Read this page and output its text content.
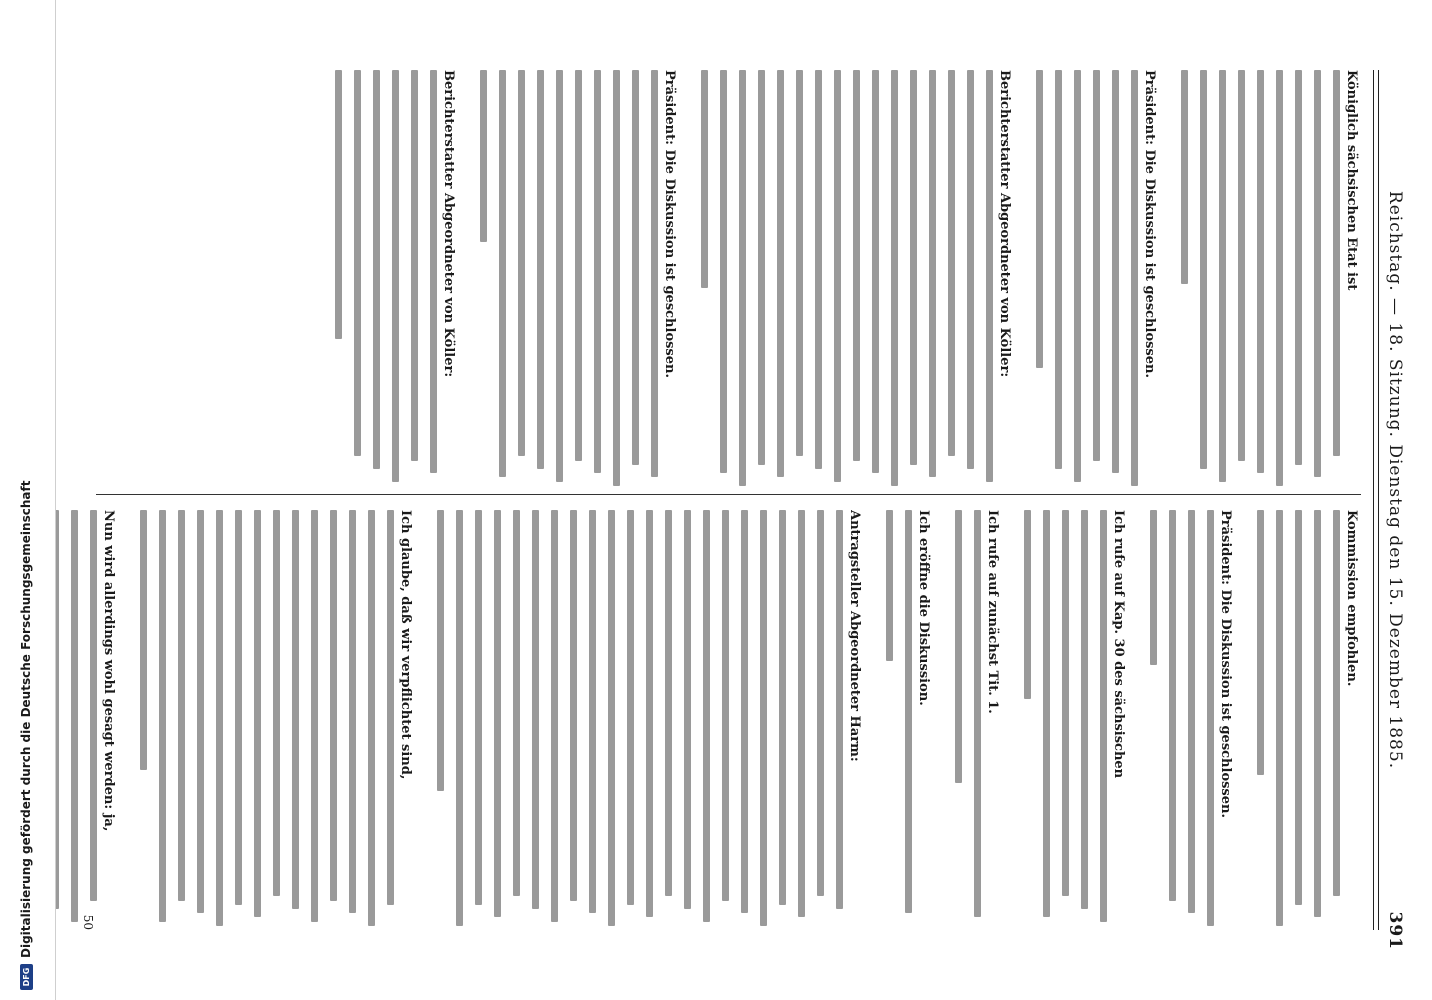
Reichstag. — 18. Sitzung. Dienstag den 15. Dezember 1885.
391
Königlich sächsischen Etat ist
Präsident: Die Diskussion ist geschlossen.
Berichterstatter Abgeordneter von Köller:
Präsident: Die Diskussion ist geschlossen.
Berichterstatter Abgeordneter von Köller:
Kommission empfohlen.
Präsident: Die Diskussion ist geschlossen.
Ich rufe auf Kap. 30 des sächsischen
Ich rufe auf zunächst Tit. 1.
Ich eröffne die Diskussion.
Antragsteller Abgeordneter Harm:
Ich glaube, daß wir verpflichtet sind,
Nun wird allerdings wohl gesagt werden: ja,
50
DFG
Digitalisierung gefördert durch die Deutsche Forschungsgemeinschaft
